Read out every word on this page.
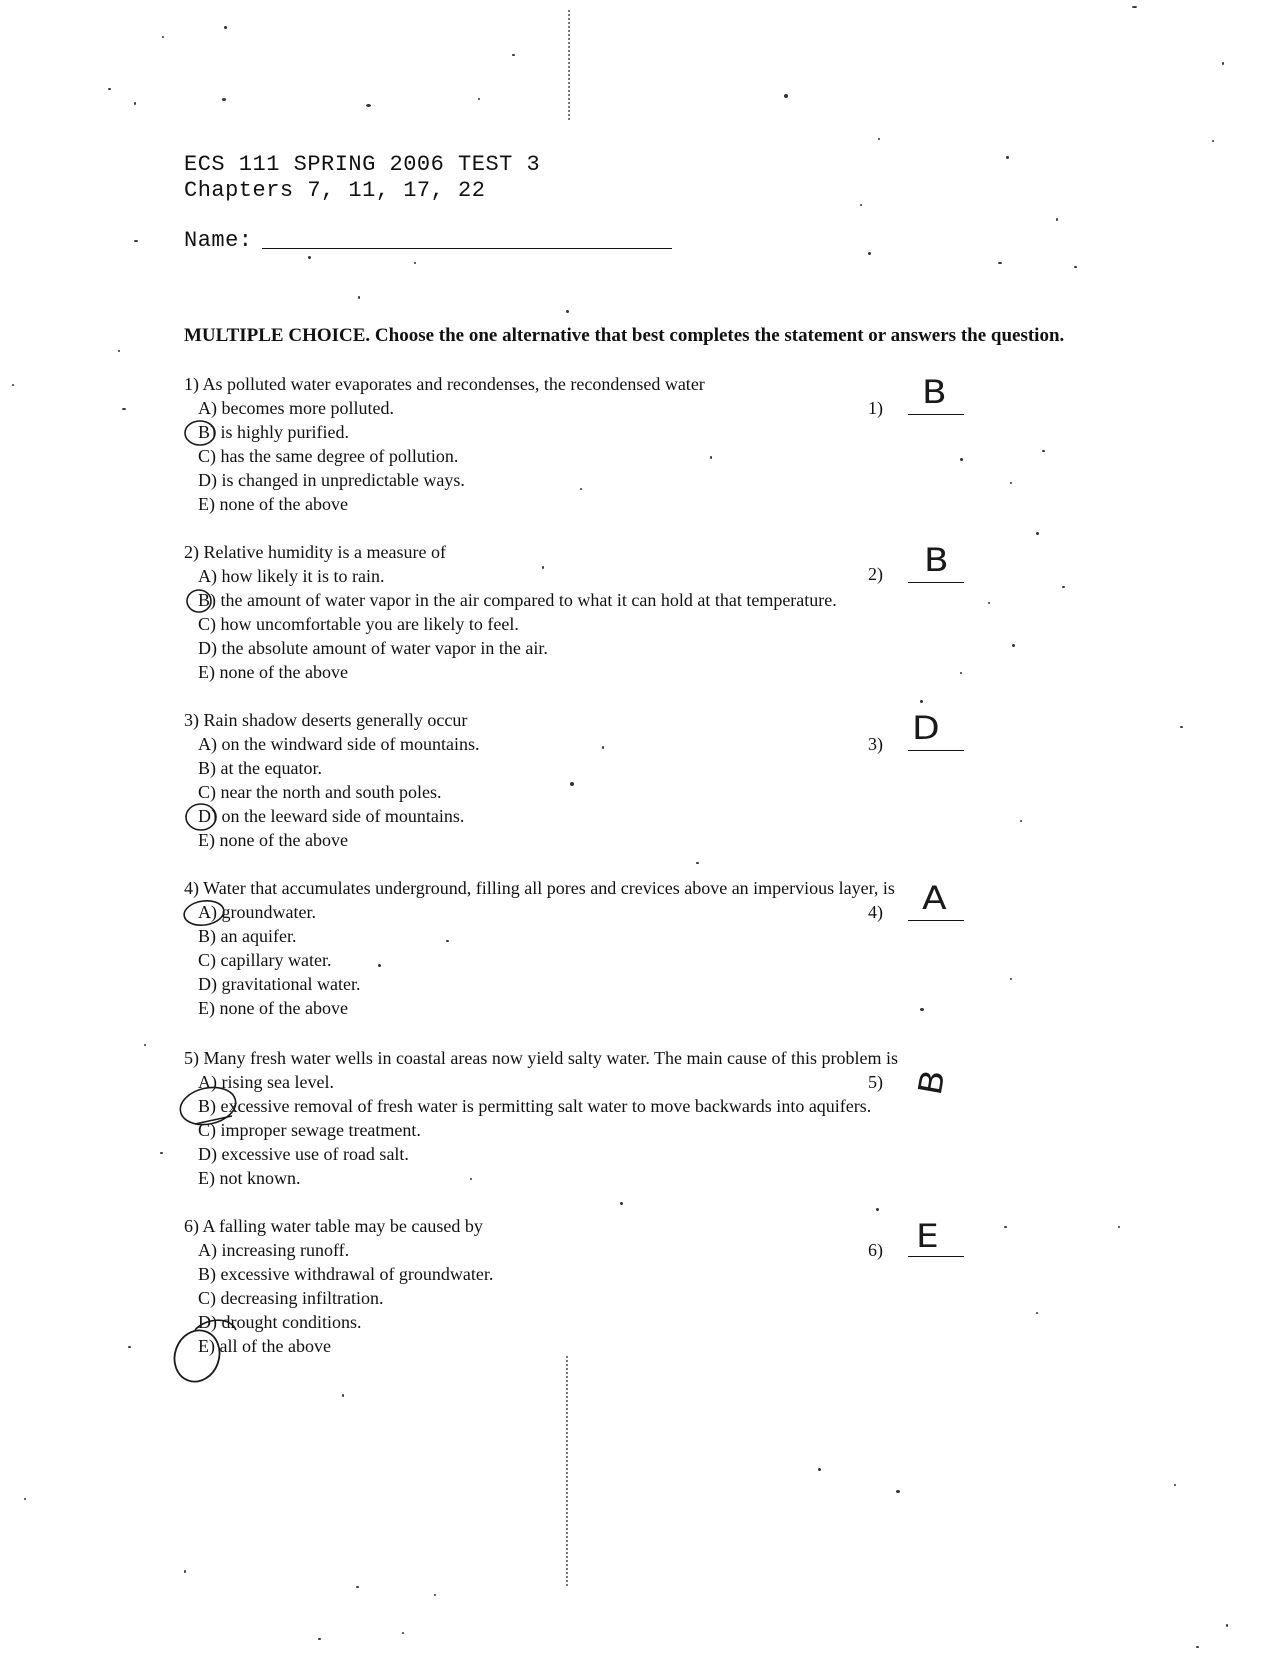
ECS 111 SPRING 2006 TEST 3
Chapters 7, 11, 17, 22
Name:
MULTIPLE CHOICE. Choose the one alternative that best completes the statement or answers the question.

1) As polluted water evaporates and recondenses, the recondensed water

A) becomes more polluted.

B) is highly purified.

C) has the same degree of pollution.

D) is changed in unpredictable ways.

E) none of the above

1) B

2) Relative humidity is a measure of

A) how likely it is to rain.

B) the amount of water vapor in the air compared to what it can hold at that temperature.

C) how uncomfortable you are likely to feel.

D) the absolute amount of water vapor in the air.

E) none of the above

2) B

3) Rain shadow deserts generally occur

A) on the windward side of mountains.

B) at the equator.

C) near the north and south poles.

D) on the leeward side of mountains.

E) none of the above

3) D

4) Water that accumulates underground, filling all pores and crevices above an impervious layer, is

A) groundwater.

B) an aquifer.

C) capillary water.

D) gravitational water.

E) none of the above

4) A

5) Many fresh water wells in coastal areas now yield salty water. The main cause of this problem is

A) rising sea level.

B) excessive removal of fresh water is permitting salt water to move backwards into aquifers.

C) improper sewage treatment.

D) excessive use of road salt.

E) not known.

5) B

6) A falling water table may be caused by

A) increasing runoff.

B) excessive withdrawal of groundwater.

C) decreasing infiltration.

D) drought conditions.

E) all of the above

6) E
